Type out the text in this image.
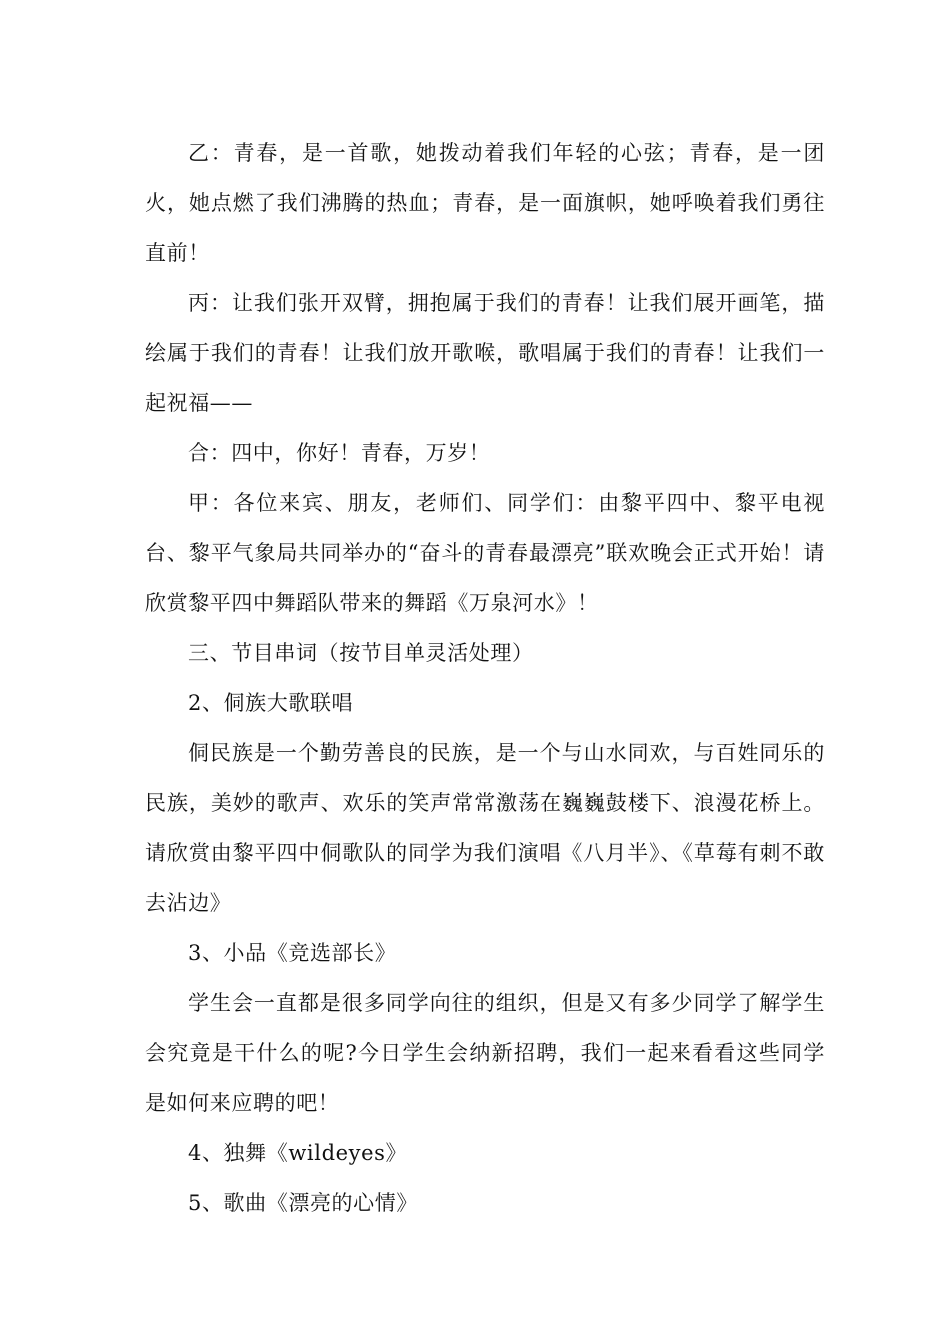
乙：青春，是一首歌，她拨动着我们年轻的心弦；青春，是一团火，她点燃了我们沸腾的热血；青春，是一面旗帜，她呼唤着我们勇往直前！

丙：让我们张开双臂，拥抱属于我们的青春！让我们展开画笔，描绘属于我们的青春！让我们放开歌喉，歌唱属于我们的青春！让我们一起祝福——

合：四中，你好！青春，万岁！

甲：各位来宾、朋友，老师们、同学们：由黎平四中、黎平电视台、黎平气象局共同举办的“奋斗的青春最漂亮”联欢晚会正式开始！请欣赏黎平四中舞蹈队带来的舞蹈《万泉河水》！

三、节目串词（按节目单灵活处理）

2、侗族大歌联唱

侗民族是一个勤劳善良的民族，是一个与山水同欢，与百姓同乐的民族，美妙的歌声、欢乐的笑声常常激荡在巍巍鼓楼下、浪漫花桥上。请欣赏由黎平四中侗歌队的同学为我们演唱《八月半》、《草莓有刺不敢去沾边》

3、小品《竞选部长》

学生会一直都是很多同学向往的组织，但是又有多少同学了解学生会究竟是干什么的呢?今日学生会纳新招聘，我们一起来看看这些同学是如何来应聘的吧！

4、独舞《wildeyes》

5、歌曲《漂亮的心情》
